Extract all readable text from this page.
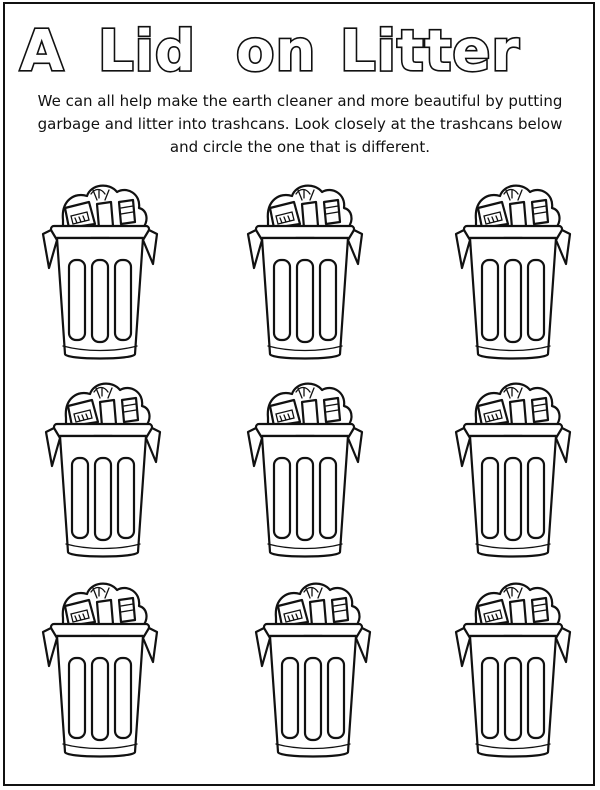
A Lid on Litter

We can all help make the earth cleaner and more beautiful by putting garbage and litter into trashcans. Look closely at the trashcans below and circle the one that is different.
